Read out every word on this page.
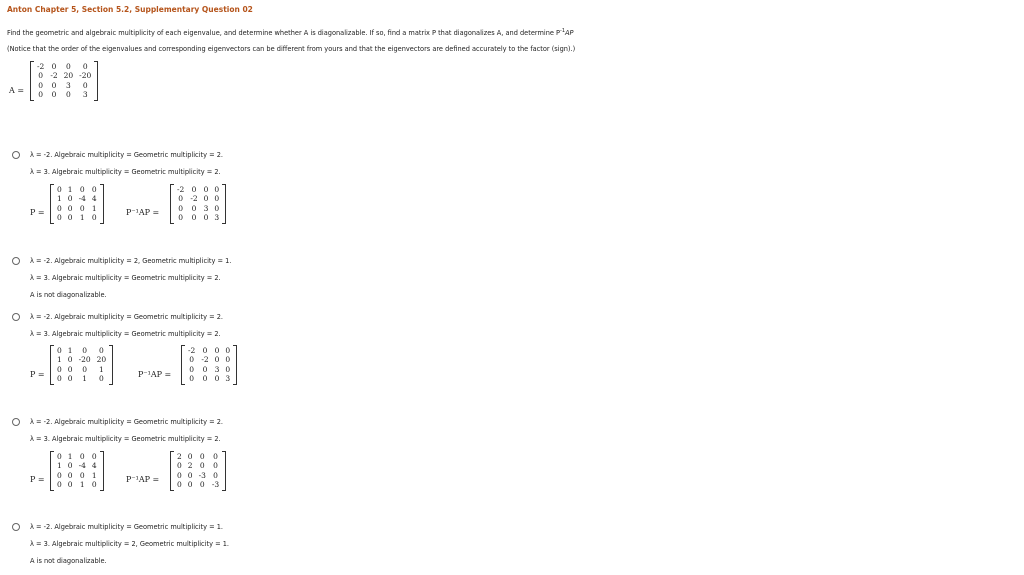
Anton Chapter 5, Section 5.2, Supplementary Question 02
Find the geometric and algebraic multiplicity of each eigenvalue, and determine whether A is diagonalizable. If so, find a matrix P that diagonalizes A, and determine $P^{-1}AP$
(Notice that the order of the eigenvalues and corresponding eigenvectors can be different from yours and that the eigenvectors are defined accurately to the factor (sign).)
A =
-2	0	0	0
0	-2	20	-20
0	0	3	0
0	0	0	3
λ = -2. Algebraic multiplicity = Geometric multiplicity = 2.
λ = 3. Algebraic multiplicity = Geometric multiplicity = 2.
P =
0	1	0	0
1	0	-4	4
0	0	0	1
0	0	1	0
P⁻¹AP =
-2	0	0	0
0	-2	0	0
0	0	3	0
0	0	0	3
λ = -2. Algebraic multiplicity = 2, Geometric multiplicity = 1.
λ = 3. Algebraic multiplicity = Geometric multiplicity = 2.
A is not diagonalizable.
λ = -2. Algebraic multiplicity = Geometric multiplicity = 2.
λ = 3. Algebraic multiplicity = Geometric multiplicity = 2.
P =
0	1	0	0
1	0	-20	20
0	0	0	1
0	0	1	0	P⁻¹AP =
-2	0	0	0
0	-2	0	0
0	0	3	0
0	0	0	3
λ = -2. Algebraic multiplicity = Geometric multiplicity = 2.
λ = 3. Algebraic multiplicity = Geometric multiplicity = 2.
P =
0	1	0	0
1	0	-4	4
0	0	0	1
0	0	1	0
P⁻¹AP =
2	0	0	0
0	2	0	0
0	0	-3	0
0	0	0	-3
λ = -2. Algebraic multiplicity = Geometric multiplicity = 1.
λ = 3. Algebraic multiplicity = 2, Geometric multiplicity = 1.
A is not diagonalizable.
